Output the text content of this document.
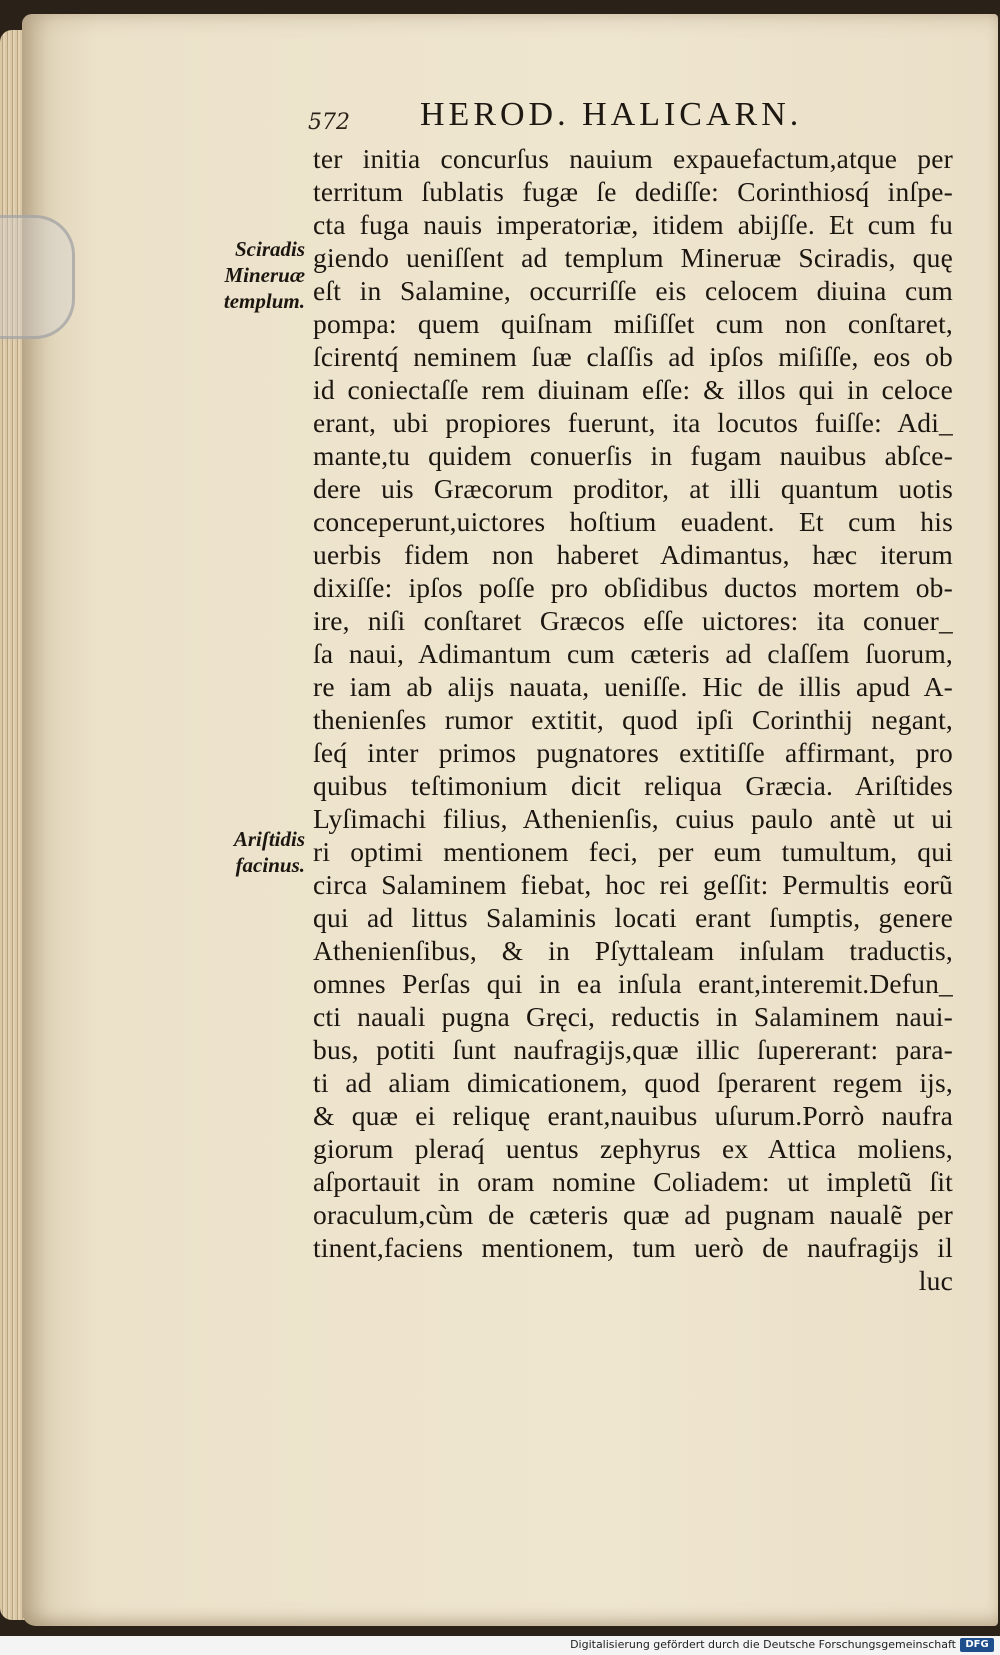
572 HEROD. HALICARN.
Sciradis
Mineruæ
templum.
Ariſtidis
facinus.
ter initia concurſus nauium expauefactum,atque per
territum ſublatis fugæ ſe dediſſe: Corinthiosq́ inſpe-
cta fuga nauis imperatoriæ, itidem abijſſe. Et cum fu
giendo ueniſſent ad templum Mineruæ Sciradis, quę
eſt in Salamine, occurriſſe eis celocem diuina cum
pompa: quem quiſnam miſiſſet cum non conſtaret,
ſcirentq́ neminem ſuæ claſſis ad ipſos miſiſſe, eos ob
id coniectaſſe rem diuinam eſſe: & illos qui in celoce
erant, ubi propiores fuerunt, ita locutos fuiſſe: Adi_
mante,tu quidem conuerſis in fugam nauibus abſce-
dere uis Græcorum proditor, at illi quantum uotis
conceperunt,uictores hoſtium euadent. Et cum his
uerbis fidem non haberet Adimantus, hæc iterum
dixiſſe: ipſos poſſe pro obſidibus ductos mortem ob-
ire, niſi conſtaret Græcos eſſe uictores: ita conuer_
ſa naui, Adimantum cum cæteris ad claſſem ſuorum,
re iam ab alijs nauata, ueniſſe. Hic de illis apud A-
thenienſes rumor extitit, quod ipſi Corinthij negant,
ſeq́ inter primos pugnatores extitiſſe affirmant, pro
quibus teſtimonium dicit reliqua Græcia. Ariſtides
Lyſimachi filius, Athenienſis, cuius paulo antè ut ui
ri optimi mentionem feci, per eum tumultum, qui
circa Salaminem fiebat, hoc rei geſſit: Permultis eorũ
qui ad littus Salaminis locati erant ſumptis, genere
Athenienſibus, & in Pſyttaleam inſulam traductis,
omnes Perſas qui in ea inſula erant,interemit.Defun_
cti nauali pugna Gręci, reductis in Salaminem naui-
bus, potiti ſunt naufragijs,quæ illic ſupererant: para-
ti ad aliam dimicationem, quod ſperarent regem ijs,
& quæ ei reliquę erant,nauibus uſurum.Porrò naufra
giorum pleraq́ uentus zephyrus ex Attica moliens,
aſportauit in oram nomine Coliadem: ut impletũ ſit
oraculum,cùm de cæteris quæ ad pugnam naualẽ per
tinent,faciens mentionem, tum uerò de naufragijs il
luc
Digitalisierung gefördert durch die Deutsche Forschungsgemeinschaft DFG
